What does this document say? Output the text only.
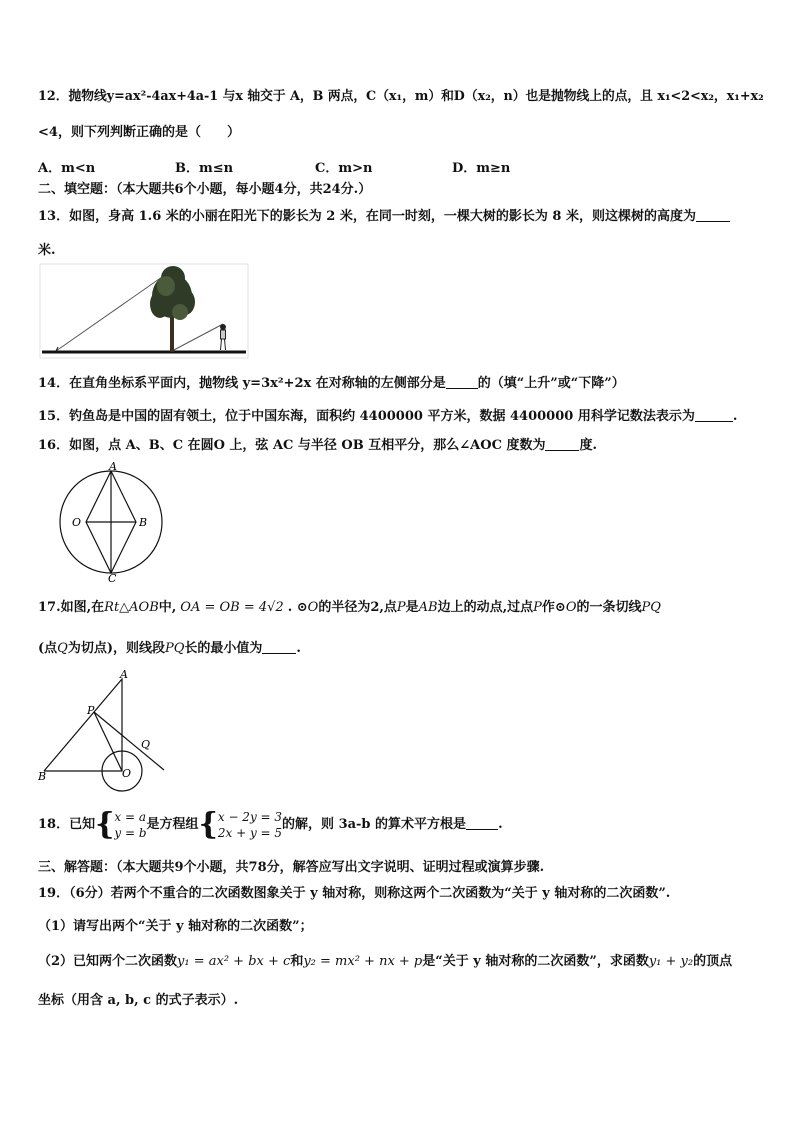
12．抛物线y=ax²-4ax+4a-1 与x 轴交于 A，B 两点，C（x₁，m）和D（x₂，n）也是抛物线上的点，且 x₁<2<x₂，x₁+x₂
<4，则下列判断正确的是（　　）
A．m<n	B．m≤n	C．m>n	D．m≥n
二、填空题：（本大题共6个小题，每小题4分，共24分.）
13．如图，身高 1.6 米的小丽在阳光下的影长为 2 米，在同一时刻，一棵大树的影长为 8 米，则这棵树的高度为
米.
14．在直角坐标系平面内，抛物线 y=3x²+2x 在对称轴的左侧部分是 的（填“上升”或“下降”）
15．钓鱼岛是中国的固有领土，位于中国东海，面积约 4400000 平方米，数据 4400000 用科学记数法表示为	.
16．如图，点 A、B、C 在圆O 上，弦 AC 与半径 OB 互相平分，那么∠AOC 度数为	度.
A
O	B
C
17.如图,在Rt△AOB中, OA = OB = 4√2 . ⊙O的半径为2,点P是AB边上的动点,过点P作⊙O的一条切线PQ
(点Q为切点)，则线段PQ长的最小值为	.
A
P
Q
B	O
18．已知{x = a
y = b是方程组{x − 2y = 3
2x + y = 5的解，则 3a-b 的算术平方根是 .
三、解答题：（本大题共9个小题，共78分，解答应写出文字说明、证明过程或演算步骤.
19．（6分）若两个不重合的二次函数图象关于 y 轴对称，则称这两个二次函数为“关于 y 轴对称的二次函数”.
（1）请写出两个“关于 y 轴对称的二次函数”；
（2）已知两个二次函数y₁ = ax² + bx + c和y₂ = mx² + nx + p是“关于 y 轴对称的二次函数”，求函数y₁ + y₂的顶点
坐标（用含 a, b, c 的式子表示）.
